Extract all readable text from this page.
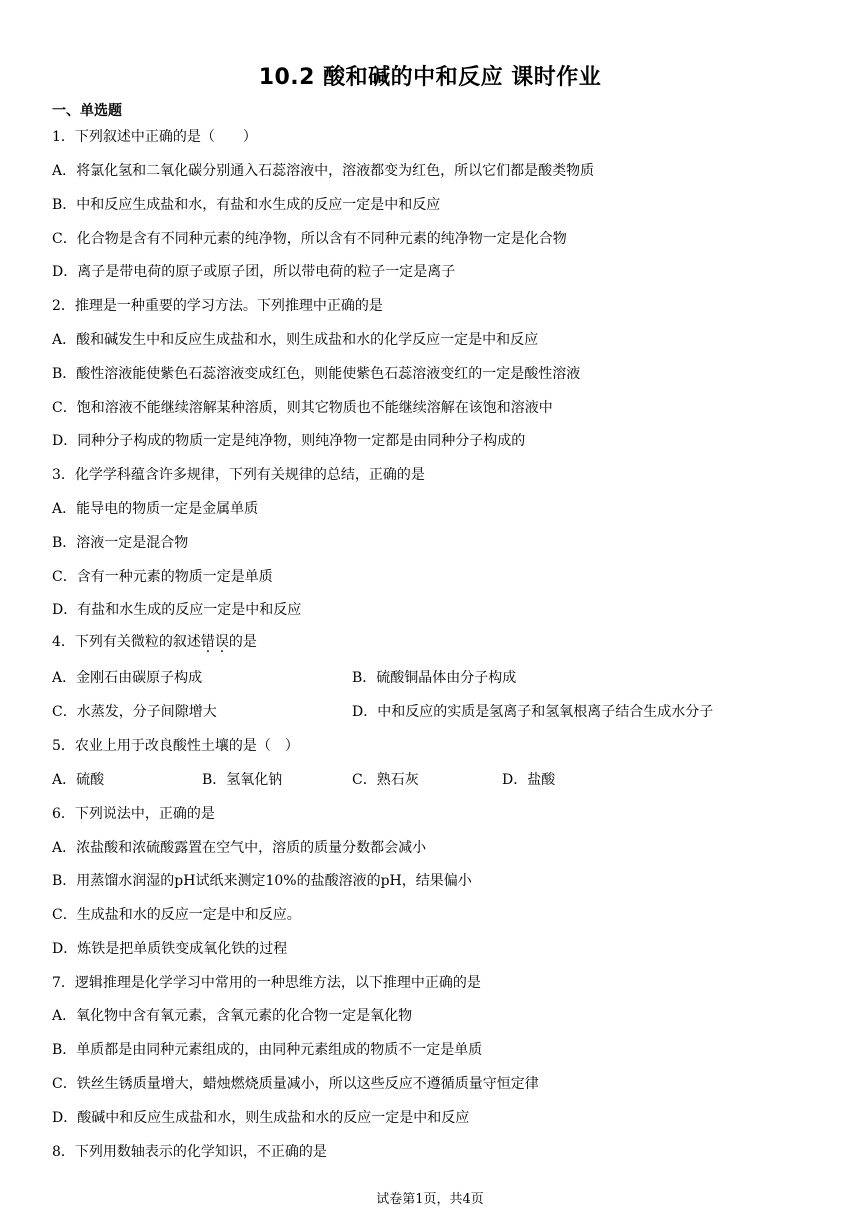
10.2 酸和碱的中和反应 课时作业
一、单选题
1．下列叙述中正确的是（　　）
A．将氯化氢和二氧化碳分别通入石蕊溶液中，溶液都变为红色，所以它们都是酸类物质
B．中和反应生成盐和水，有盐和水生成的反应一定是中和反应
C．化合物是含有不同种元素的纯净物，所以含有不同种元素的纯净物一定是化合物
D．离子是带电荷的原子或原子团，所以带电荷的粒子一定是离子
2．推理是一种重要的学习方法。下列推理中正确的是
A．酸和碱发生中和反应生成盐和水，则生成盐和水的化学反应一定是中和反应
B．酸性溶液能使紫色石蕊溶液变成红色，则能使紫色石蕊溶液变红的一定是酸性溶液
C．饱和溶液不能继续溶解某种溶质，则其它物质也不能继续溶解在该饱和溶液中
D．同种分子构成的物质一定是纯净物，则纯净物一定都是由同种分子构成的
3．化学学科蕴含许多规律，下列有关规律的总结，正确的是
A．能导电的物质一定是金属单质
B．溶液一定是混合物
C．含有一种元素的物质一定是单质
D．有盐和水生成的反应一定是中和反应
4．下列有关微粒的叙述错误的是
A．金刚石由碳原子构成	B．硫酸铜晶体由分子构成
C．水蒸发，分子间隙增大	D．中和反应的实质是氢离子和氢氧根离子结合生成水分子
5．农业上用于改良酸性土壤的是（　）
A．硫酸	B．氢氧化钠	C．熟石灰	D．盐酸
6．下列说法中，正确的是
A．浓盐酸和浓硫酸露置在空气中，溶质的质量分数都会减小
B．用蒸馏水润湿的pH试纸来测定10%的盐酸溶液的pH，结果偏小
C．生成盐和水的反应一定是中和反应。
D．炼铁是把单质铁变成氧化铁的过程
7．逻辑推理是化学学习中常用的一种思维方法，以下推理中正确的是
A．氧化物中含有氧元素，含氧元素的化合物一定是氧化物
B．单质都是由同种元素组成的，由同种元素组成的物质不一定是单质
C．铁丝生锈质量增大，蜡烛燃烧质量减小，所以这些反应不遵循质量守恒定律
D．酸碱中和反应生成盐和水，则生成盐和水的反应一定是中和反应
8．下列用数轴表示的化学知识，不正确的是
试卷第1页，共4页
